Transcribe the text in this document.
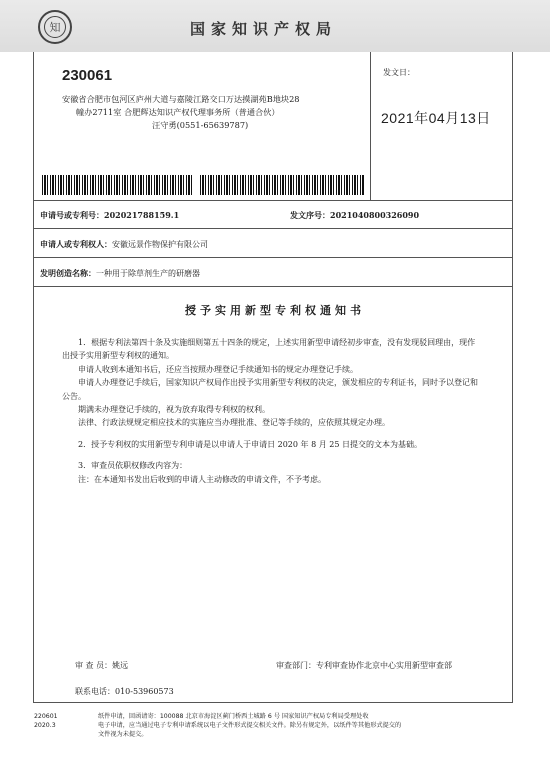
知	国家知识产权局
230061
安徽省合肥市包河区庐州大道与嘉陵江路交口万达摸湖苑B地块28
幢办2711室 合肥辉达知识产权代理事务所（普通合伙）
汪守勇(0551-65639787)
发文日：
2021年04月13日
申请号或专利号：202021788159.1	发文序号：2021040800326090
申请人或专利权人：安徽远景作物保护有限公司
发明创造名称：一种用于除草剂生产的研磨器
授予实用新型专利权通知书

1．根据专利法第四十条及实施细则第五十四条的规定，上述实用新型申请经初步审查，没有发现驳回理由，现作出授予实用新型专利权的通知。

申请人收到本通知书后，还应当按照办理登记手续通知书的规定办理登记手续。

申请人办理登记手续后，国家知识产权局作出授予实用新型专利权的决定，颁发相应的专利证书，同时予以登记和公告。

期满未办理登记手续的，视为放弃取得专利权的权利。

法律、行政法规规定相应技术的实施应当办理批准、登记等手续的，应依照其规定办理。

2．授予专利权的实用新型专利申请是以申请人于申请日 2020 年 8 月 25 日提交的文本为基础。

3．审查员依职权修改内容为：

注：在本通知书发出后收到的申请人主动修改的申请文件，不予考虑。

审 查 员：姚远	审查部门：专利审查协作北京中心实用新型审查部
联系电话：010-53960573
220601
2020.3
纸件申请，回函请寄：100088 北京市海淀区蓟门桥西土城路 6 号 国家知识产权局专利局受理处收
电子申请，应当通过电子专利申请系统以电子文件形式提交相关文件。除另有规定外，以纸件等其他形式提交的
文件视为未提交。
